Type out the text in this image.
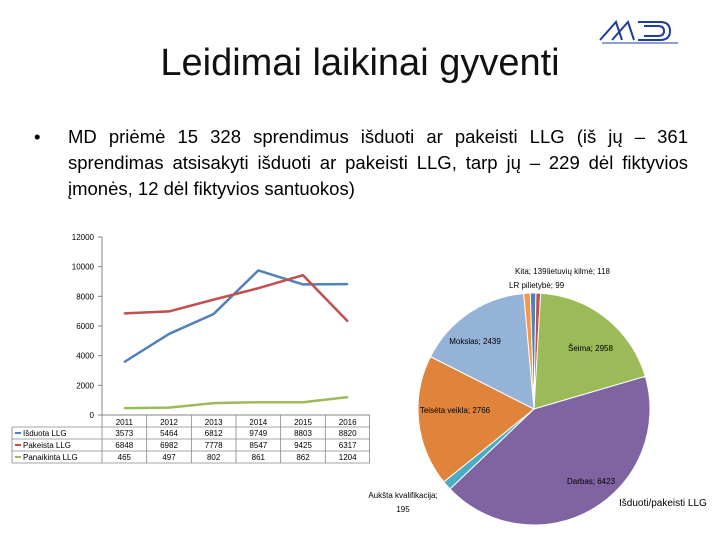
Leidimai laikinai gyventi
•	MD priėmė 15 328 sprendimus išduoti ar pakeisti LLG (iš jų – 361 sprendimas atsisakyti išduoti ar pakeisti LLG, tarp jų – 229 dėl fiktyvios įmonės, 12 dėl fiktyvios santuokos)
12000
10000
8000
6000
4000
2000
0
2011	2012	2013	2014	2015	2016
Išduota LLG	3573	5464	6812	9749	8803	8820
Pakeista LLG	6848	6982	7778	8547	9425	6317
Panaikinta LLG	465	497	802	861	862	1204
Kita; 139 lietuvių kilmė; 118
LR pilietybė; 99
Šeima; 2958
Darbas; 6423
Aukšta kvalifikacija;
195
Teisėta veikla; 2766
Mokslas; 2439
Išduoti/pakeisti LLG
